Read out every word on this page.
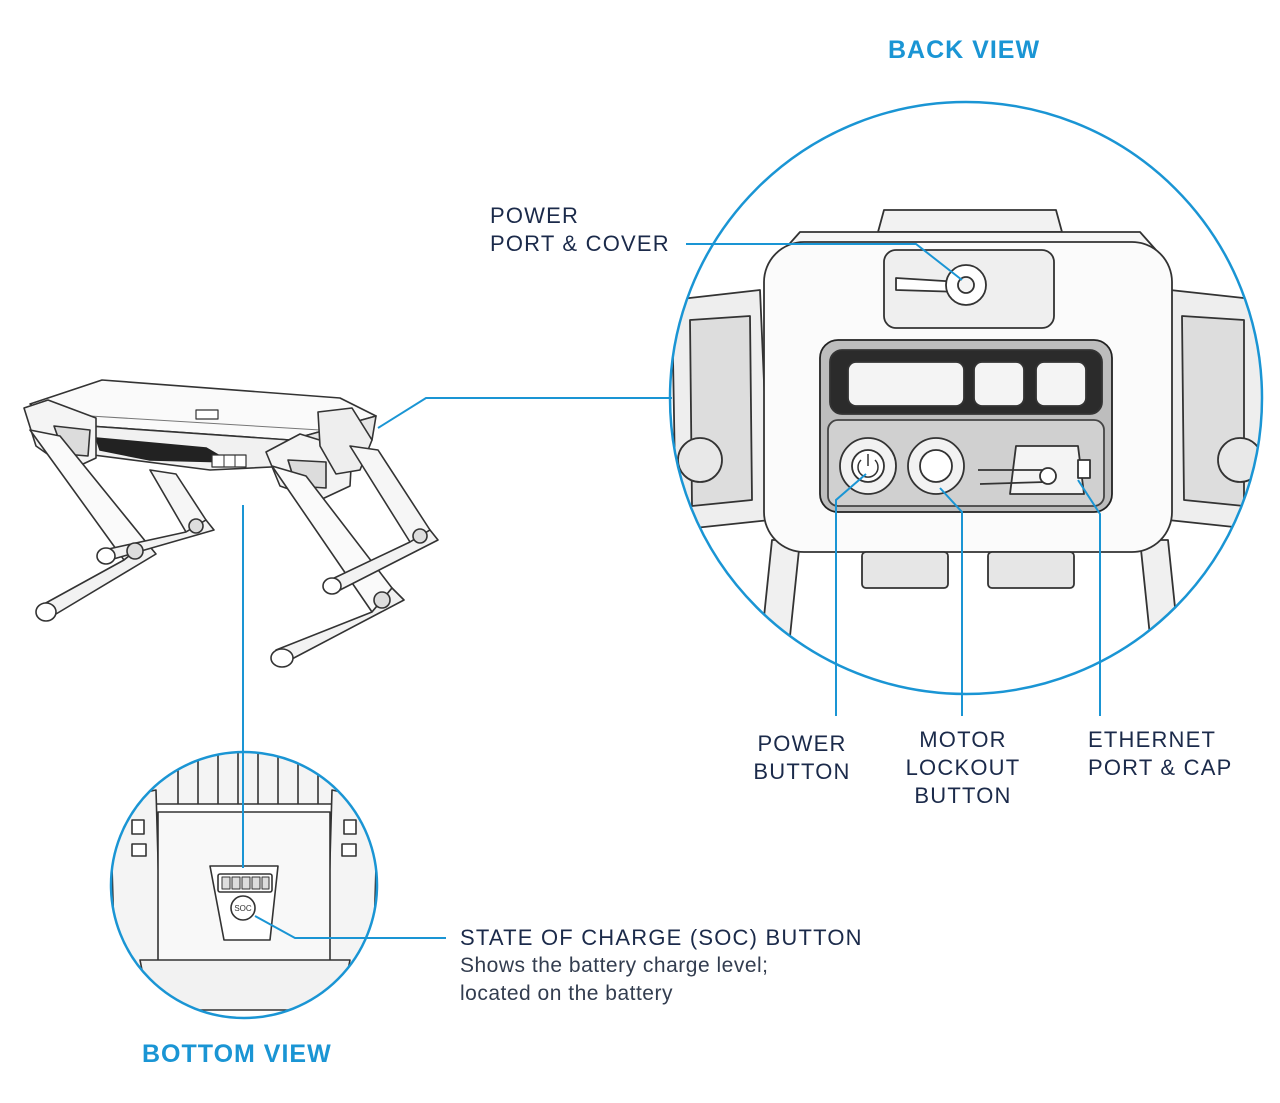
SOC
BACK VIEW
POWER
PORT & COVER
POWER
BUTTON
MOTOR
LOCKOUT
BUTTON
ETHERNET
PORT & CAP
STATE OF CHARGE (SOC) BUTTON
Shows the battery charge level;
located on the battery
BOTTOM VIEW
